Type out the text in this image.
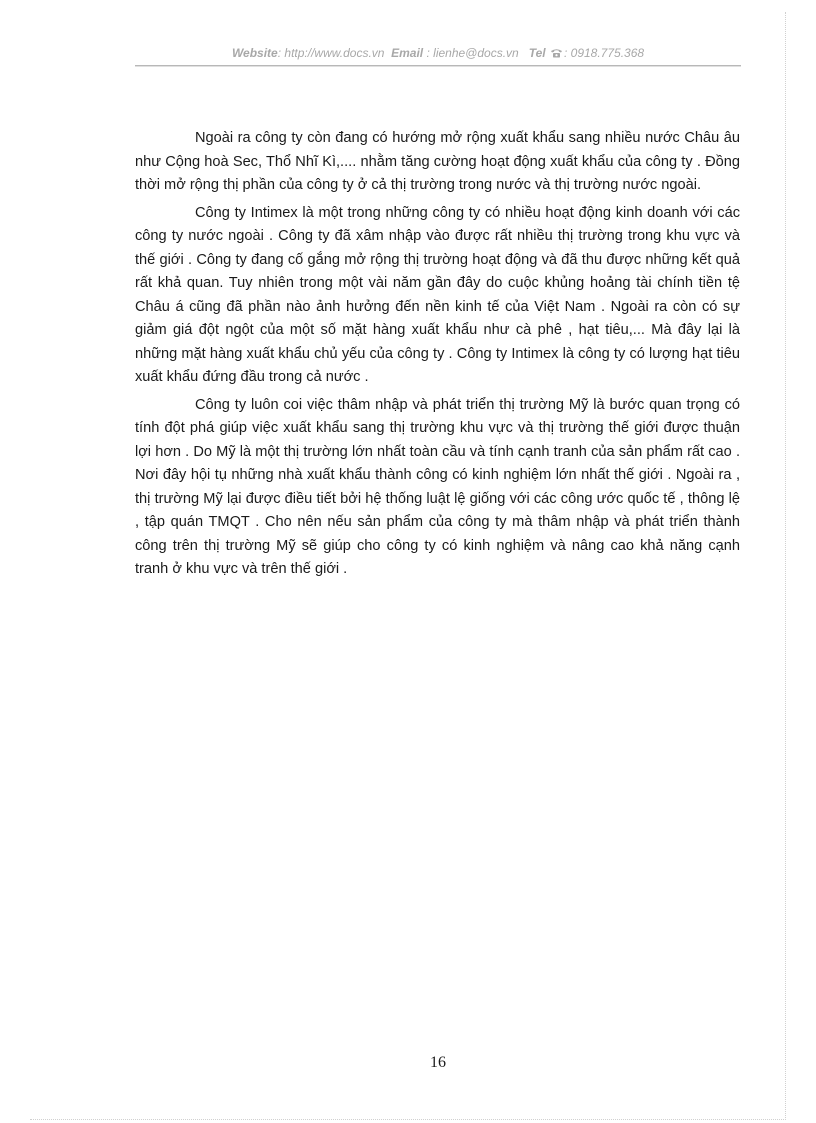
Website: http://www.docs.vn Email : lienhe@docs.vn Tel : 0918.775.368

Ngoài ra công ty còn đang có hướng mở rộng xuất khẩu sang nhiều nước Châu âu như Cộng hoà Sec, Thổ Nhĩ Kì,.... nhằm tăng cường hoạt động xuất khẩu của công ty . Đồng thời mở rộng thị phần của công ty ở cả thị trường trong nước và thị trường nước ngoài.

Công ty Intimex là một trong những công ty có nhiều hoạt động kinh doanh với các công ty nước ngoài . Công ty đã xâm nhập vào được rất nhiều thị trường trong khu vực và thế giới . Công ty đang cố gắng mở rộng thị trường hoạt động và đã thu được những kết quả rất khả quan. Tuy nhiên trong một vài năm gần đây do cuộc khủng hoảng tài chính tiền tệ Châu á cũng đã phần nào ảnh hưởng đến nền kinh tế của Việt Nam . Ngoài ra còn có sự giảm giá đột ngột của một số mặt hàng xuất khẩu như cà phê , hạt tiêu,... Mà đây lại là những mặt hàng xuất khẩu chủ yếu của công ty . Công ty Intimex là công ty có lượng hạt tiêu xuất khẩu đứng đầu trong cả nước .

Công ty luôn coi việc thâm nhập và phát triển thị trường Mỹ là bước quan trọng có tính đột phá giúp việc xuất khẩu sang thị trường khu vực và thị trường thế giới được thuận lợi hơn . Do Mỹ là một thị trường lớn nhất toàn cầu và tính cạnh tranh của sản phẩm rất cao . Nơi đây hội tụ những nhà xuất khẩu thành công có kinh nghiệm lớn nhất thế giới . Ngoài ra , thị trường Mỹ lại được điều tiết bởi hệ thống luật lệ giống với các công ước quốc tế , thông lệ , tập quán TMQT . Cho nên nếu sản phẩm của công ty mà thâm nhập và phát triển thành công trên thị trường Mỹ sẽ giúp cho công ty có kinh nghiệm và nâng cao khả năng cạnh tranh ở khu vực và trên thế giới .

16
